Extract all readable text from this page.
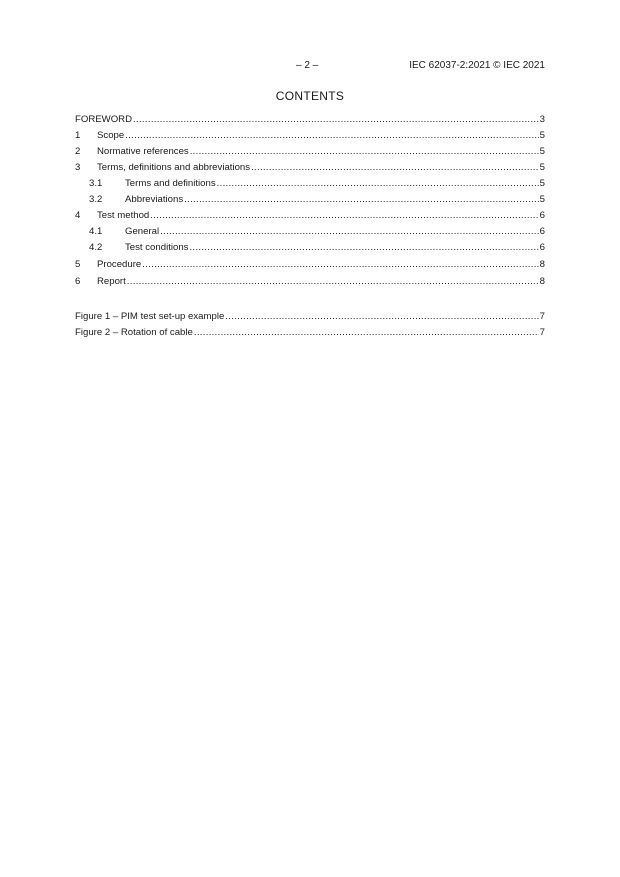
– 2 –	IEC 62037-2:2021 © IEC 2021
CONTENTS
FOREWORD .....	3
1	Scope .....	5
2	Normative references .....	5
3	Terms, definitions and abbreviations .....	5
3.1	Terms and definitions .....	5
3.2	Abbreviations .....	5
4	Test method .....	6
4.1	General .....	6
4.2	Test conditions .....	6
5	Procedure .....	8
6	Report .....	8
Figure 1 – PIM test set-up example .....	7
Figure 2 – Rotation of cable .....	7
